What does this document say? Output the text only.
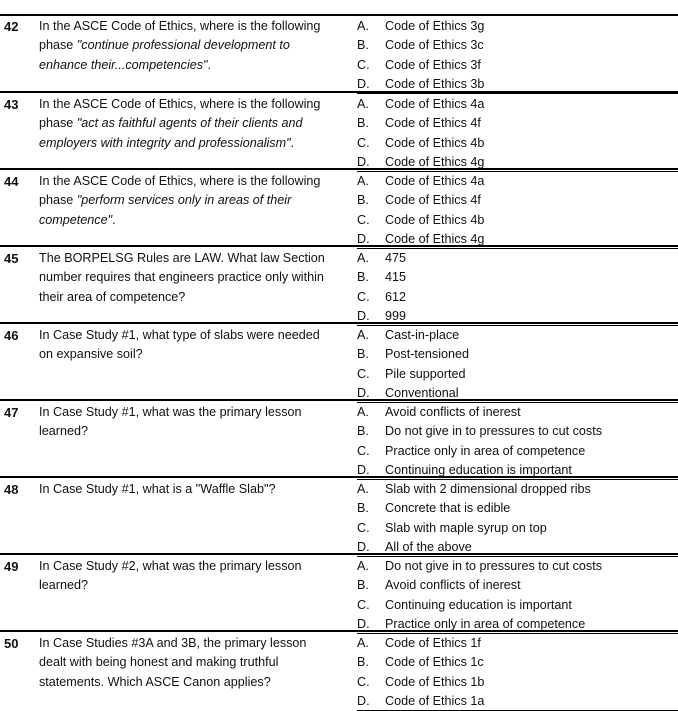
42 In the ASCE Code of Ethics, where is the following phase "continue professional development to enhance their...competencies".
A. Code of Ethics 3g
B. Code of Ethics 3c
C. Code of Ethics 3f
D. Code of Ethics 3b
43 In the ASCE Code of Ethics, where is the following phase "act as faithful agents of their clients and employers with integrity and professionalism".
A. Code of Ethics 4a
B. Code of Ethics 4f
C. Code of Ethics 4b
D. Code of Ethics 4g
44 In the ASCE Code of Ethics, where is the following phase "perform services only in areas of their competence".
A. Code of Ethics 4a
B. Code of Ethics 4f
C. Code of Ethics 4b
D. Code of Ethics 4g
45 The BORPELSG Rules are LAW. What law Section number requires that engineers practice only within their area of competence?
A. 475
B. 415
C. 612
D. 999
46 In Case Study #1, what type of slabs were needed on expansive soil?
A. Cast-in-place
B. Post-tensioned
C. Pile supported
D. Conventional
47 In Case Study #1, what was the primary lesson learned?
A. Avoid conflicts of inerest
B. Do not give in to pressures to cut costs
C. Practice only in area of competence
D. Continuing education is important
48 In Case Study #1, what is a "Waffle Slab"?	A. Slab with 2 dimensional dropped ribs
B. Concrete that is edible
C. Slab with maple syrup on top
D. All of the above
49 In Case Study #2, what was the primary lesson learned?
A. Do not give in to pressures to cut costs
B. Avoid conflicts of inerest
C. Continuing education is important
D. Practice only in area of competence
50 In Case Studies #3A and 3B, the primary lesson dealt with being honest and making truthful statements. Which ASCE Canon applies?
A. Code of Ethics 1f
B. Code of Ethics 1c
C. Code of Ethics 1b
D. Code of Ethics 1a
